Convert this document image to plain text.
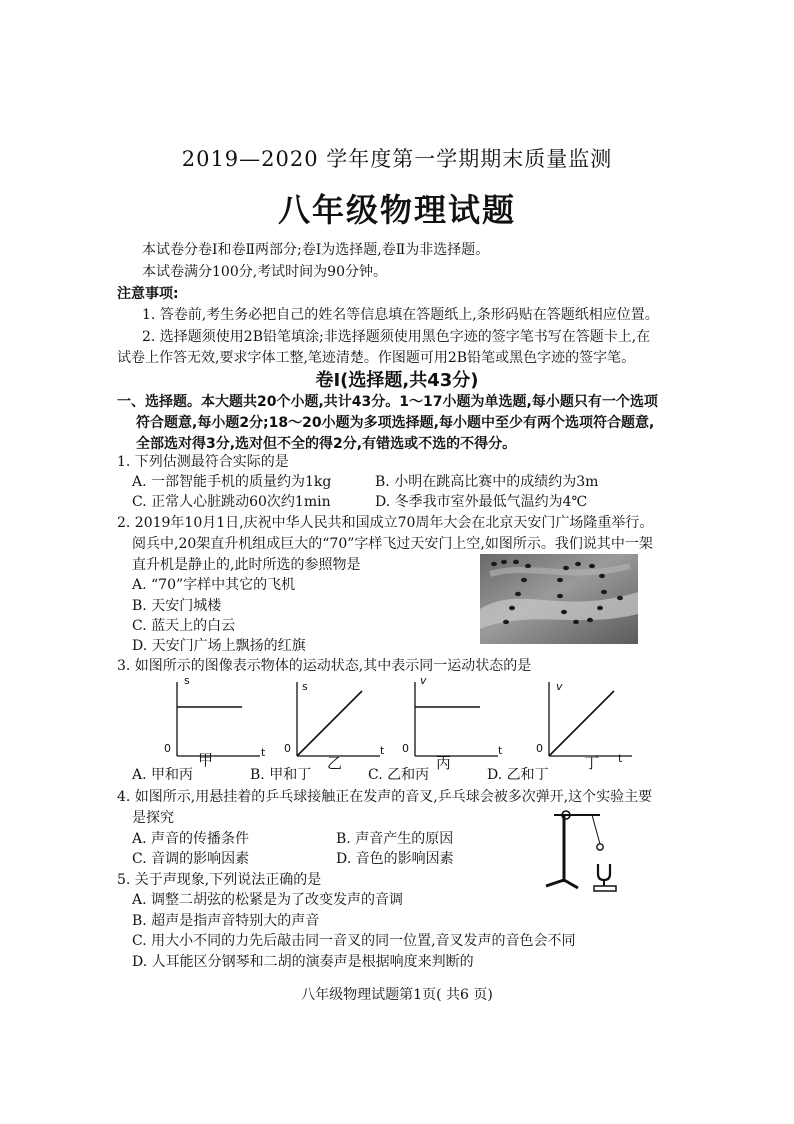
2019—2020 学年度第一学期期末质量监测
八年级物理试题
本试卷分卷Ⅰ和卷Ⅱ两部分;卷Ⅰ为选择题,卷Ⅱ为非选择题。
本试卷满分100分,考试时间为90分钟。
注意事项:
1. 答卷前,考生务必把自己的姓名等信息填在答题纸上,条形码贴在答题纸相应位置。
2. 选择题须使用2B铅笔填涂;非选择题须使用黑色字迹的签字笔书写在答题卡上,在
试卷上作答无效,要求字体工整,笔迹清楚。作图题可用2B铅笔或黑色字迹的签字笔。
卷Ⅰ(选择题,共43分)
一、选择题。本大题共20个小题,共计43分。1～17小题为单选题,每小题只有一个选项
符合题意,每小题2分;18～20小题为多项选择题,每小题中至少有两个选项符合题意,
全部选对得3分,选对但不全的得2分,有错选或不选的不得分。
1. 下列估测最符合实际的是
A. 一部智能手机的质量约为1kg	B. 小明在跳高比赛中的成绩约为3m
C. 正常人心脏跳动60次约1min	D. 冬季我市室外最低气温约为4℃
2. 2019年10月1日,庆祝中华人民共和国成立70周年大会在北京天安门广场隆重举行。
阅兵中,20架直升机组成巨大的“70”字样飞过天安门上空,如图所示。我们说其中一架
直升机是静止的,此时所选的参照物是
A. “70”字样中其它的飞机
B. 天安门城楼
C. 蓝天上的白云
D. 天安门广场上飘扬的红旗
3. 如图所示的图像表示物体的运动状态,其中表示同一运动状态的是
s
0	t
甲
s
0	t
乙
v
0	t
丙
v
0
t
丁
A. 甲和丙	B. 甲和丁	C. 乙和丙	D. 乙和丁
4. 如图所示,用悬挂着的乒乓球接触正在发声的音叉,乒乓球会被多次弹开,这个实验主要
是探究
A. 声音的传播条件	B. 声音产生的原因
C. 音调的影响因素	D. 音色的影响因素
5. 关于声现象,下列说法正确的是
A. 调整二胡弦的松紧是为了改变发声的音调
B. 超声是指声音特别大的声音
C. 用大小不同的力先后敲击同一音叉的同一位置,音叉发声的音色会不同
D. 人耳能区分钢琴和二胡的演奏声是根据响度来判断的
八年级物理试题第1页( 共6 页)
